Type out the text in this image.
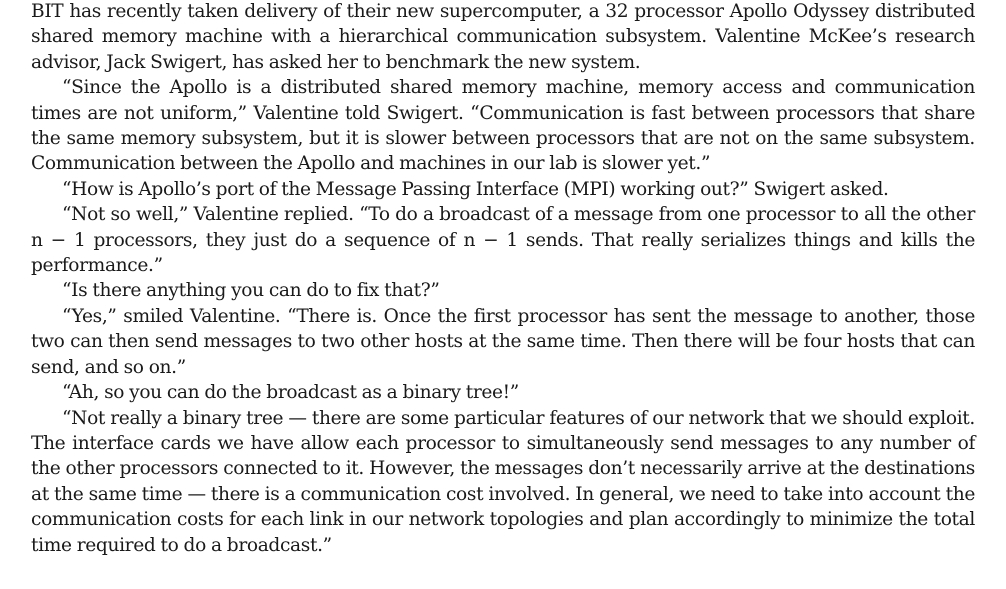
BIT has recently taken delivery of their new supercomputer, a 32 processor Apollo Odyssey distributed shared memory machine with a hierarchical communication subsystem. Valentine McKee’s research advisor, Jack Swigert, has asked her to benchmark the new system.

“Since the Apollo is a distributed shared memory machine, memory access and communication times are not uniform,” Valentine told Swigert. “Communication is fast between processors that share the same memory subsystem, but it is slower between processors that are not on the same subsystem. Communication between the Apollo and machines in our lab is slower yet.”

“How is Apollo’s port of the Message Passing Interface (MPI) working out?” Swigert asked.

“Not so well,” Valentine replied. “To do a broadcast of a message from one processor to all the other n − 1 processors, they just do a sequence of n − 1 sends. That really serializes things and kills the performance.”

“Is there anything you can do to fix that?”

“Yes,” smiled Valentine. “There is. Once the first processor has sent the message to another, those two can then send messages to two other hosts at the same time. Then there will be four hosts that can send, and so on.”

“Ah, so you can do the broadcast as a binary tree!”

“Not really a binary tree — there are some particular features of our network that we should exploit. The interface cards we have allow each processor to simultaneously send messages to any number of the other processors connected to it. However, the messages don’t necessarily arrive at the destinations at the same time — there is a communication cost involved. In general, we need to take into account the communication costs for each link in our network topologies and plan accordingly to minimize the total time required to do a broadcast.”
